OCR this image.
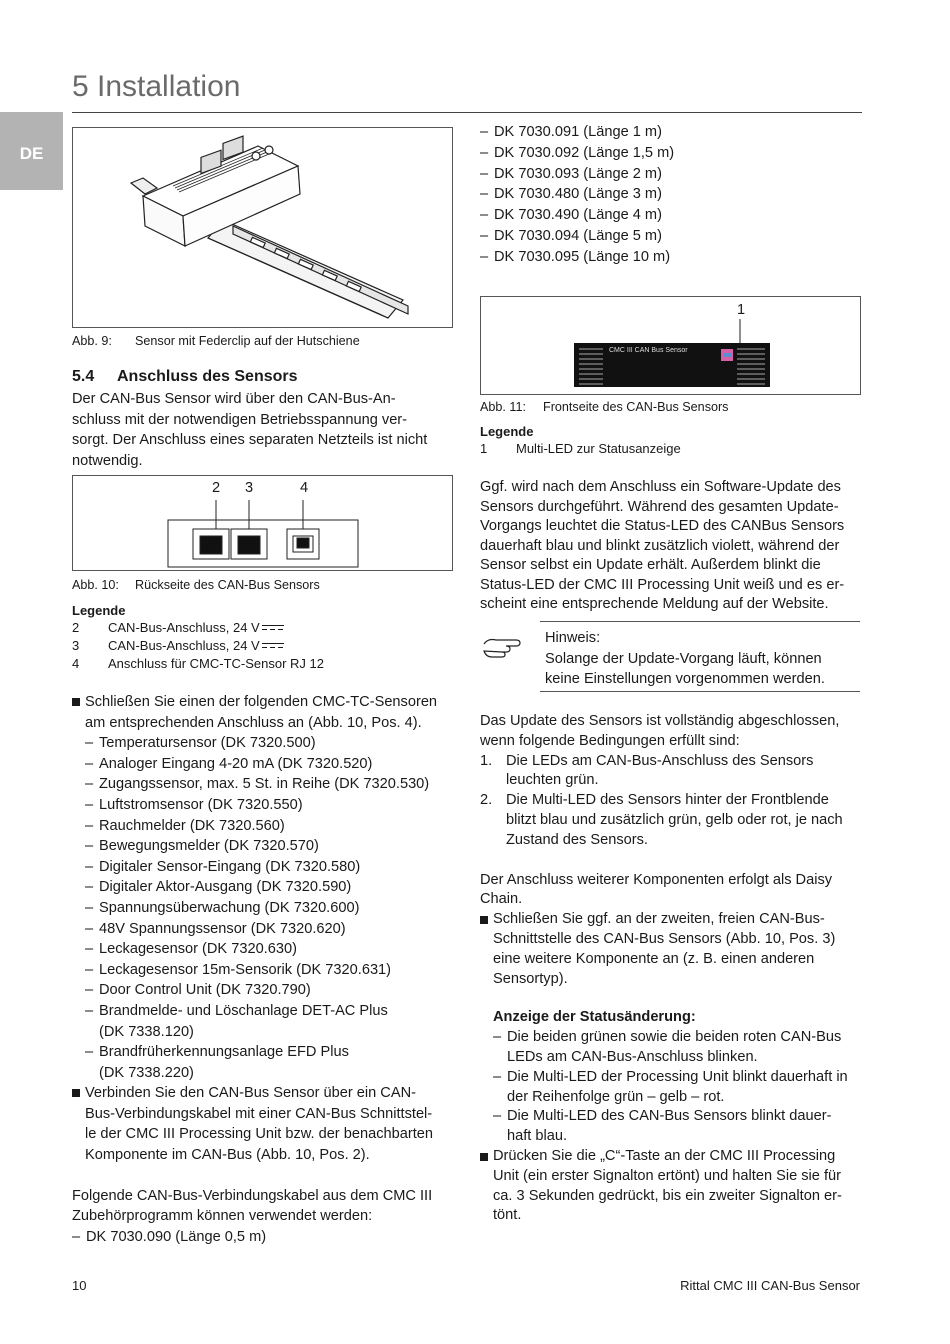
5 Installation
DE
Abb. 9: Sensor mit Federclip auf der Hutschiene
5.4 Anschluss des Sensors
Der CAN-Bus Sensor wird über den CAN-Bus-An-
schluss mit der notwendigen Betriebsspannung ver-
sorgt. Der Anschluss eines separaten Netzteils ist nicht
notwendig.
2 3	4
Abb. 10: Rückseite des CAN-Bus Sensors
Legende
2	CAN-Bus-Anschluss, 24 V
3	CAN-Bus-Anschluss, 24 V
4	Anschluss für CMC-TC-Sensor RJ 12
Schließen Sie einen der folgenden CMC-TC-Sensoren
am entsprechenden Anschluss an (Abb. 10, Pos. 4).
– Temperatursensor (DK 7320.500)
– Analoger Eingang 4-20 mA (DK 7320.520)
– Zugangssensor, max. 5 St. in Reihe (DK 7320.530)
– Luftstromsensor (DK 7320.550)
– Rauchmelder (DK 7320.560)
– Bewegungsmelder (DK 7320.570)
– Digitaler Sensor-Eingang (DK 7320.580)
– Digitaler Aktor-Ausgang (DK 7320.590)
– Spannungsüberwachung (DK 7320.600)
– 48V Spannungssensor (DK 7320.620)
– Leckagesensor (DK 7320.630)
– Leckagesensor 15m-Sensorik (DK 7320.631)
– Door Control Unit (DK 7320.790)
– Brandmelde- und Löschanlage DET-AC Plus
(DK 7338.120)
– Brandfrüherkennungsanlage EFD Plus
(DK 7338.220)
Verbinden Sie den CAN-Bus Sensor über ein CAN-
Bus-Verbindungskabel mit einer CAN-Bus Schnittstel-
le der CMC III Processing Unit bzw. der benachbarten
Komponente im CAN-Bus (Abb. 10, Pos. 2).
Folgende CAN-Bus-Verbindungskabel aus dem CMC III
Zubehörprogramm können verwendet werden:
– DK 7030.090 (Länge 0,5 m)
– DK 7030.091 (Länge 1 m)
– DK 7030.092 (Länge 1,5 m)
– DK 7030.093 (Länge 2 m)
– DK 7030.480 (Länge 3 m)
– DK 7030.490 (Länge 4 m)
– DK 7030.094 (Länge 5 m)
– DK 7030.095 (Länge 10 m)
1
CMC III CAN Bus Sensor
Abb. 11: Frontseite des CAN-Bus Sensors
Legende
1	Multi-LED zur Statusanzeige
Ggf. wird nach dem Anschluss ein Software-Update des
Sensors durchgeführt. Während des gesamten Update-
Vorgangs leuchtet die Status-LED des CANBus Sensors
dauerhaft blau und blinkt zusätzlich violett, während der
Sensor selbst ein Update erhält. Außerdem blinkt die
Status-LED der CMC III Processing Unit weiß und es er-
scheint eine entsprechende Meldung auf der Website.
Hinweis:
Solange der Update-Vorgang läuft, können
keine Einstellungen vorgenommen werden.
Das Update des Sensors ist vollständig abgeschlossen,
wenn folgende Bedingungen erfüllt sind:
1. Die LEDs am CAN-Bus-Anschluss des Sensors
leuchten grün.
2. Die Multi-LED des Sensors hinter der Frontblende
blitzt blau und zusätzlich grün, gelb oder rot, je nach
Zustand des Sensors.
Der Anschluss weiterer Komponenten erfolgt als Daisy
Chain.
Schließen Sie ggf. an der zweiten, freien CAN-Bus-
Schnittstelle des CAN-Bus Sensors (Abb. 10, Pos. 3)
eine weitere Komponente an (z. B. einen anderen
Sensortyp).
Anzeige der Statusänderung:
– Die beiden grünen sowie die beiden roten CAN-Bus
LEDs am CAN-Bus-Anschluss blinken.
– Die Multi-LED der Processing Unit blinkt dauerhaft in
der Reihenfolge grün – gelb – rot.
– Die Multi-LED des CAN-Bus Sensors blinkt dauer-
haft blau.
Drücken Sie die „C“-Taste an der CMC III Processing
Unit (ein erster Signalton ertönt) und halten Sie sie für
ca. 3 Sekunden gedrückt, bis ein zweiter Signalton er-
tönt.
10	Rittal CMC III CAN-Bus Sensor
